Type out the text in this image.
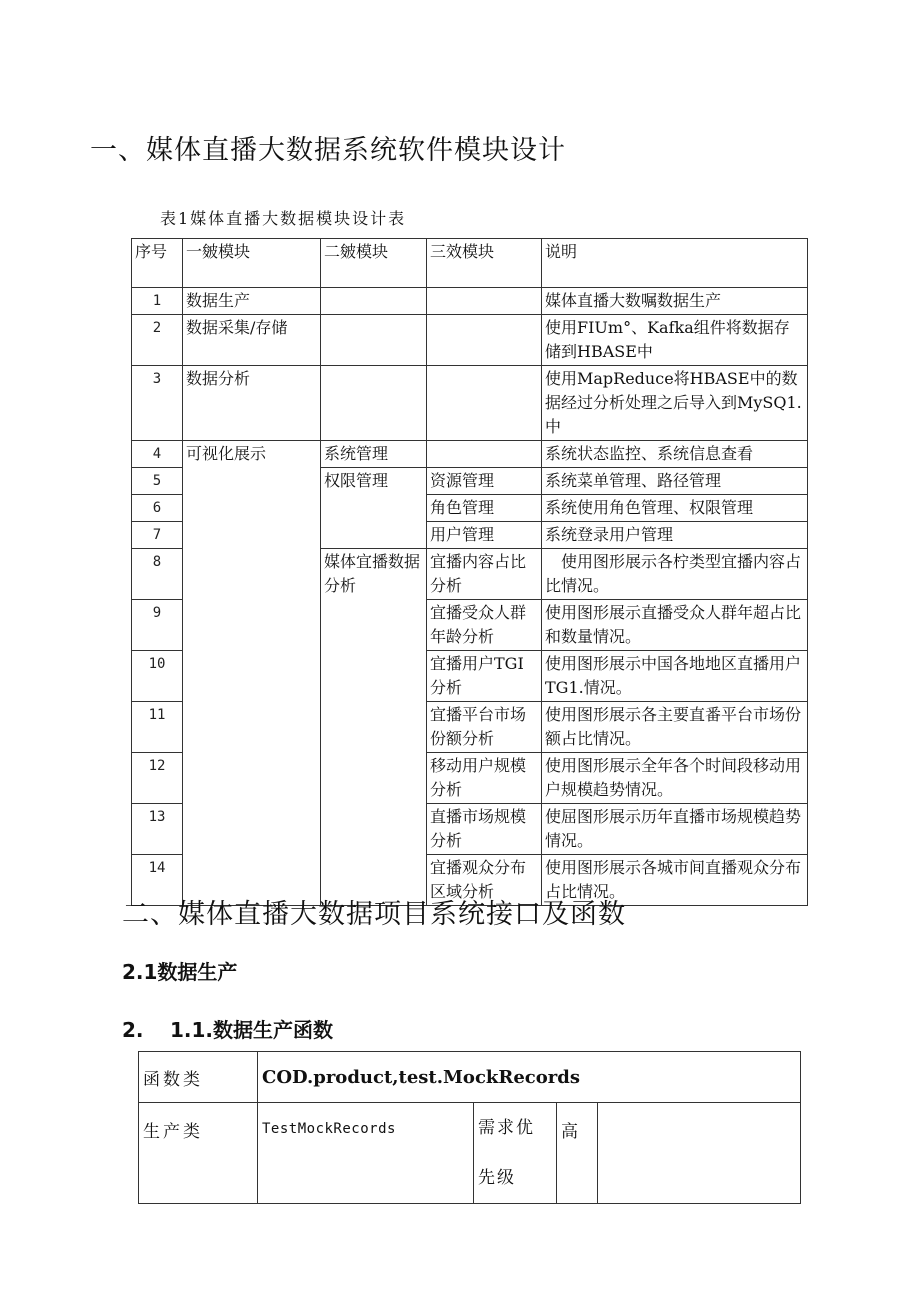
一、媒体直播大数据系统软件模块设计
表1媒体直播大数据模块设计表
序号	一皴模块	二皴模块	三效模块	说明
1	数据生产			媒体直播大数嘱数据生产
2	数据采集/存储			使用FIUm°、Kafka组件将数据存储到HBASE中
3	数据分析			使用MapReduce将HBASE中的数据经过分析处理之后导入到MySQ1.中
4	可视化展示	系统管理		系统状态监控、系统信息查看
5		权限管理	资源管理	系统菜单管理、路径管理
6			角色管理	系统使用角色管理、权限管理
7			用户管理	系统登录用户管理
8		媒体宜播数据分析	宜播内容占比分析	　使用图形展示各柠类型宜播内容占比情况。
9			宜播受众人群年龄分析	使用图形展示直播受众人群年超占比和数量情况。
10			宜播用户TGI分析	使用图形展示中国各地地区直播用户TG1.情况。
11			宜播平台市场份额分析	使用图形展示各主要直番平台市场份额占比情况。
12			移动用户规模分析	使用图形展示全年各个时间段移动用户规模趋势情况。
13			直播市场规模分析	使屈图形展示历年直播市场规模趋势情况。
14			宜播观众分布区域分析	使用图形展示各城市间直播观众分布占比情况。
二、媒体直播大数据项目系统接口及函数
2.1数据生产
2. 1.1.数据生产函数
函数类	COD.product,test.MockRecords			
生产类	TestMockRecords	需求优先级	高	
